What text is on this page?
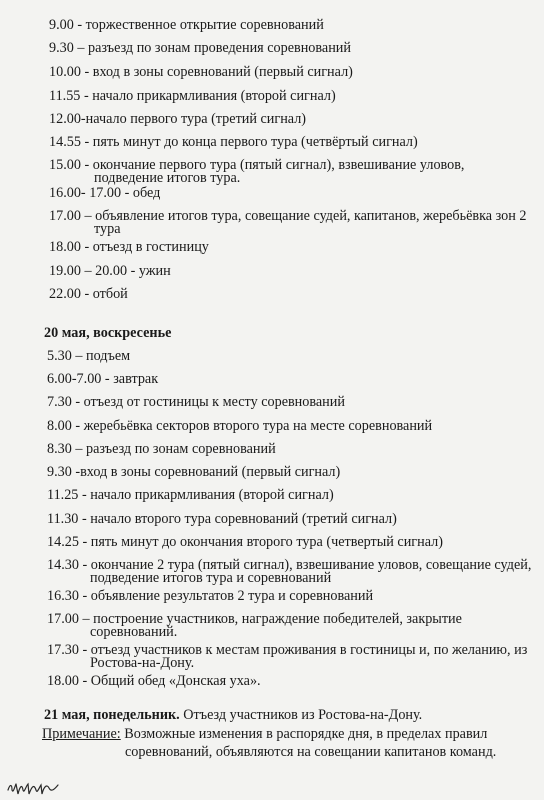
9.00 - торжественное открытие соревнований
9.30 – разъезд по зонам проведения соревнований
10.00 - вход в зоны соревнований (первый сигнал)
11.55 - начало прикармливания (второй сигнал)
12.00-начало первого тура (третий сигнал)
14.55 - пять минут до конца первого тура (четвёртый сигнал)
15.00 - окончание первого тура (пятый сигнал), взвешивание уловов,
подведение итогов тура.
16.00- 17.00 - обед
17.00 – объявление итогов тура, совещание судей, капитанов, жеребьёвка зон 2
тура
18.00 - отъезд в гостиницу
19.00 – 20.00 - ужин
22.00 - отбой
20 мая, воскресенье
5.30 – подъем
6.00-7.00 - завтрак
7.30 - отъезд от гостиницы к месту соревнований
8.00 - жеребьёвка секторов второго тура на месте соревнований
8.30 – разъезд по зонам соревнований
9.30 -вход в зоны соревнований (первый сигнал)
11.25 - начало прикармливания (второй сигнал)
11.30 - начало второго тура соревнований (третий сигнал)
14.25 - пять минут до окончания второго тура (четвертый сигнал)
14.30 - окончание 2 тура (пятый сигнал), взвешивание уловов, совещание судей,
подведение итогов тура и соревнований
16.30 - объявление результатов 2 тура и соревнований
17.00 – построение участников, награждение победителей, закрытие
соревнований.
17.30 - отъезд участников к местам проживания в гостиницы и, по желанию, из
Ростова-на-Дону.
18.00 - Общий обед «Донская уха».
21 мая, понедельник. Отъезд участников из Ростова-на-Дону.
Примечание: Возможные изменения в распорядке дня, в пределах правил
соревнований, объявляются на совещании капитанов команд.
